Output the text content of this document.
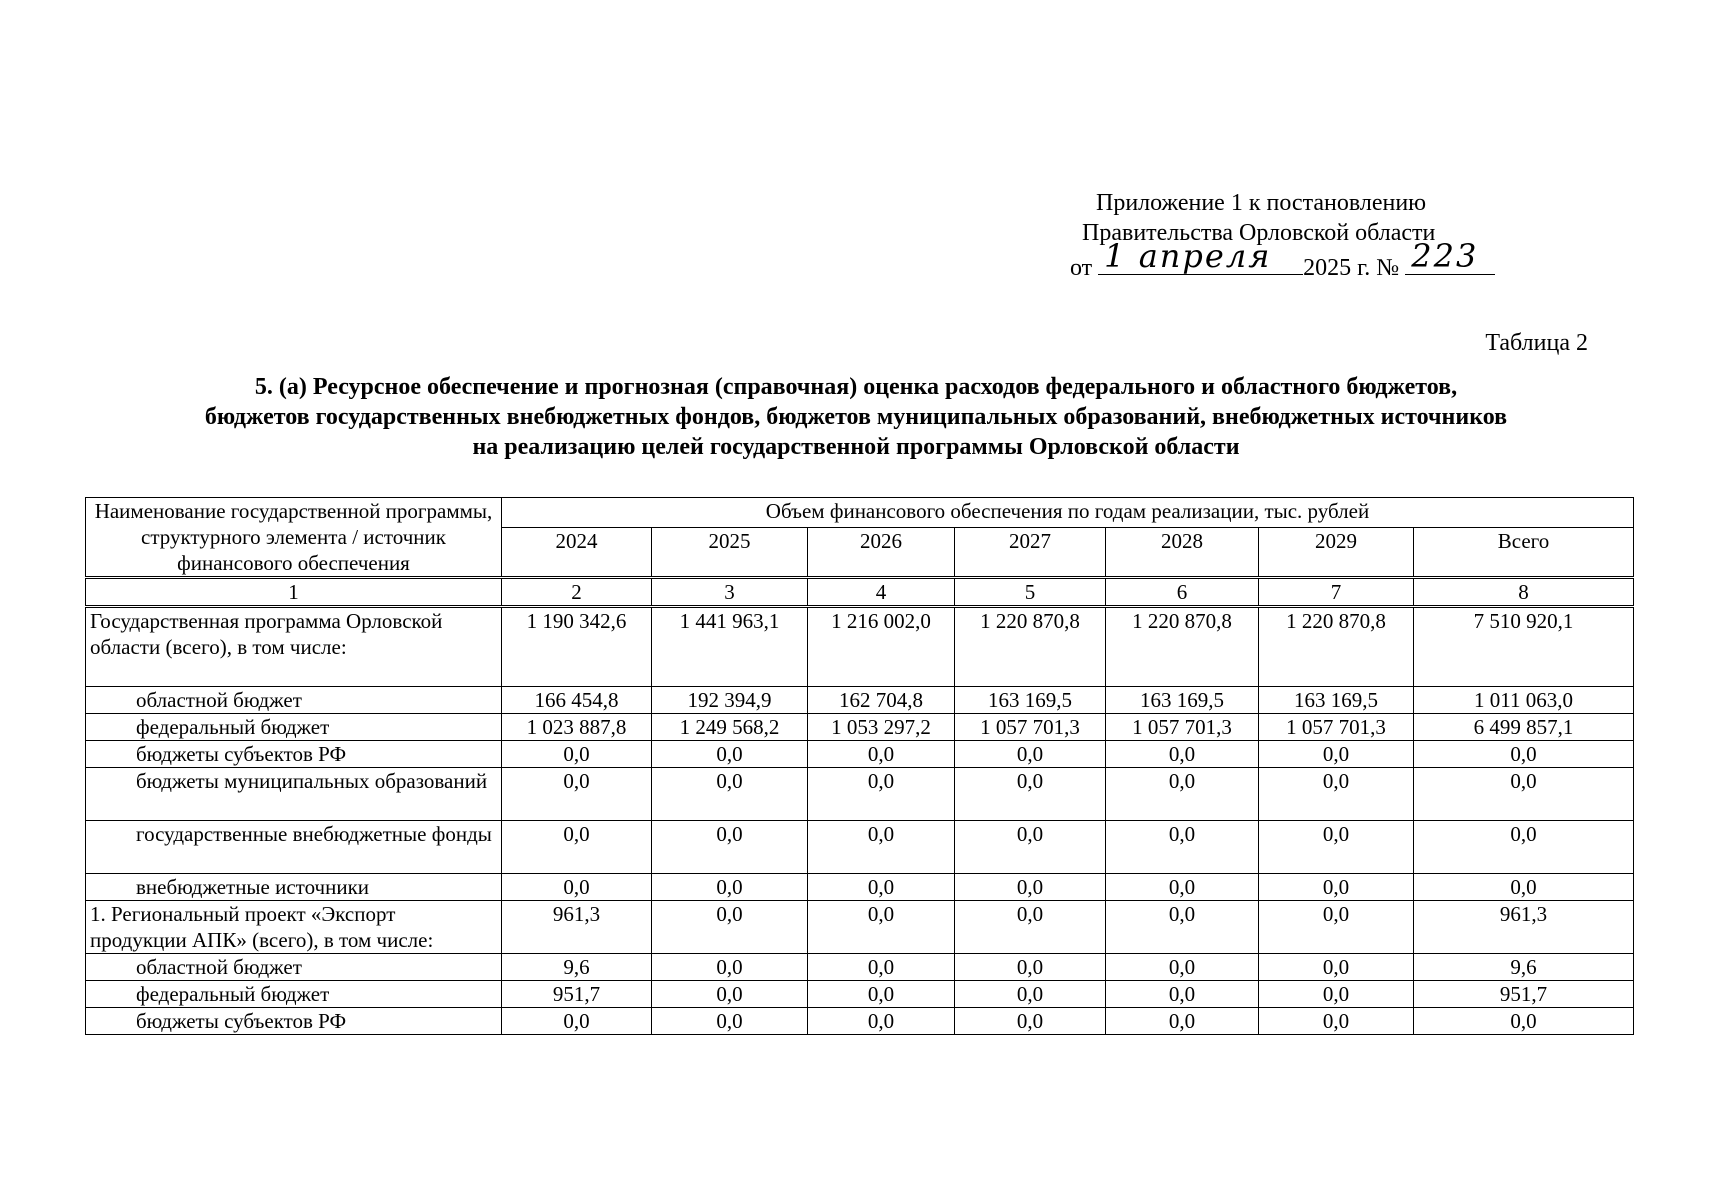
Приложение 1 к постановлению
Правительства Орловской области
от 1 апреля 2025 г. № 223
Таблица 2
5. (а) Ресурсное обеспечение и прогнозная (справочная) оценка расходов федерального и областного бюджетов,
бюджетов государственных внебюджетных фондов, бюджетов муниципальных образований, внебюджетных источников
на реализацию целей государственной программы Орловской области
Наименование государственной программы, структурного элемента / источник финансового обеспечения	Объем финансового обеспечения по годам реализации, тыс. рублей						
	2024	2025	2026	2027	2028	2029	Всего
1	2	3	4	5	6	7	8
Государственная программа Орловской области (всего), в том числе:	1 190 342,6	1 441 963,1	1 216 002,0	1 220 870,8	1 220 870,8	1 220 870,8	7 510 920,1
областной бюджет	166 454,8	192 394,9	162 704,8	163 169,5	163 169,5	163 169,5	1 011 063,0
федеральный бюджет	1 023 887,8	1 249 568,2	1 053 297,2	1 057 701,3	1 057 701,3	1 057 701,3	6 499 857,1
бюджеты субъектов РФ	0,0	0,0	0,0	0,0	0,0	0,0	0,0
бюджеты муниципальных образований	0,0	0,0	0,0	0,0	0,0	0,0	0,0
государственные внебюджетные фонды	0,0	0,0	0,0	0,0	0,0	0,0	0,0
внебюджетные источники	0,0	0,0	0,0	0,0	0,0	0,0	0,0
1. Региональный проект «Экспорт продукции АПК» (всего), в том числе:	961,3	0,0	0,0	0,0	0,0	0,0	961,3
областной бюджет	9,6	0,0	0,0	0,0	0,0	0,0	9,6
федеральный бюджет	951,7	0,0	0,0	0,0	0,0	0,0	951,7
бюджеты субъектов РФ	0,0	0,0	0,0	0,0	0,0	0,0	0,0
